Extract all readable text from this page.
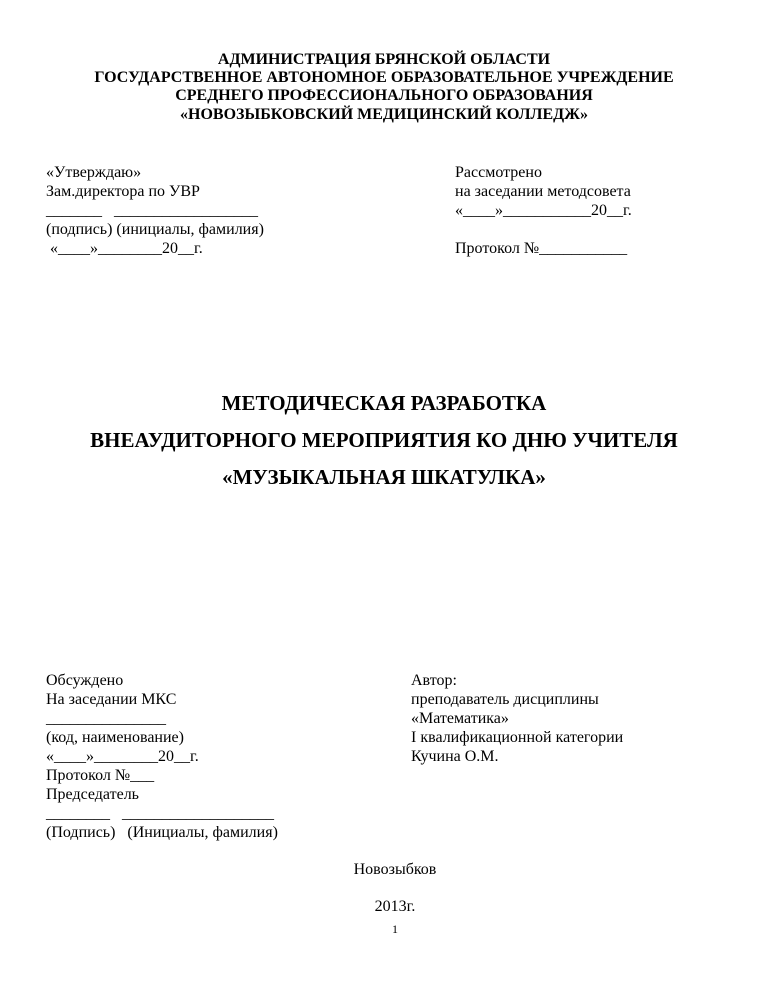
АДМИНИСТРАЦИЯ БРЯНСКОЙ ОБЛАСТИ
ГОСУДАРСТВЕННОЕ АВТОНОМНОЕ ОБРАЗОВАТЕЛЬНОЕ УЧРЕЖДЕНИЕ
СРЕДНЕГО ПРОФЕССИОНАЛЬНОГО ОБРАЗОВАНИЯ
«НОВОЗЫБКОВСКИЙ МЕДИЦИНСКИЙ КОЛЛЕДЖ»
«Утверждаю»
Зам.директора по УВР
_______   __________________
(подпись) (инициалы, фамилия)
«____»________20__г.
Рассмотрено
на заседании методсовета
«____»___________20__г.

Протокол №___________
МЕТОДИЧЕСКАЯ РАЗРАБОТКА
ВНЕАУДИТОРНОГО МЕРОПРИЯТИЯ КО ДНЮ УЧИТЕЛЯ
«МУЗЫКАЛЬНАЯ ШКАТУЛКА»
Обсуждено
На заседании МКС
_______________
(код, наименование)
«____»________20__г.
Протокол №___
Председатель
________   ___________________
(Подпись)   (Инициалы, фамилия)
Автор:
преподаватель дисциплины
«Математика»
I квалификационной категории
Кучина О.М.
Новозыбков
2013г.
1
